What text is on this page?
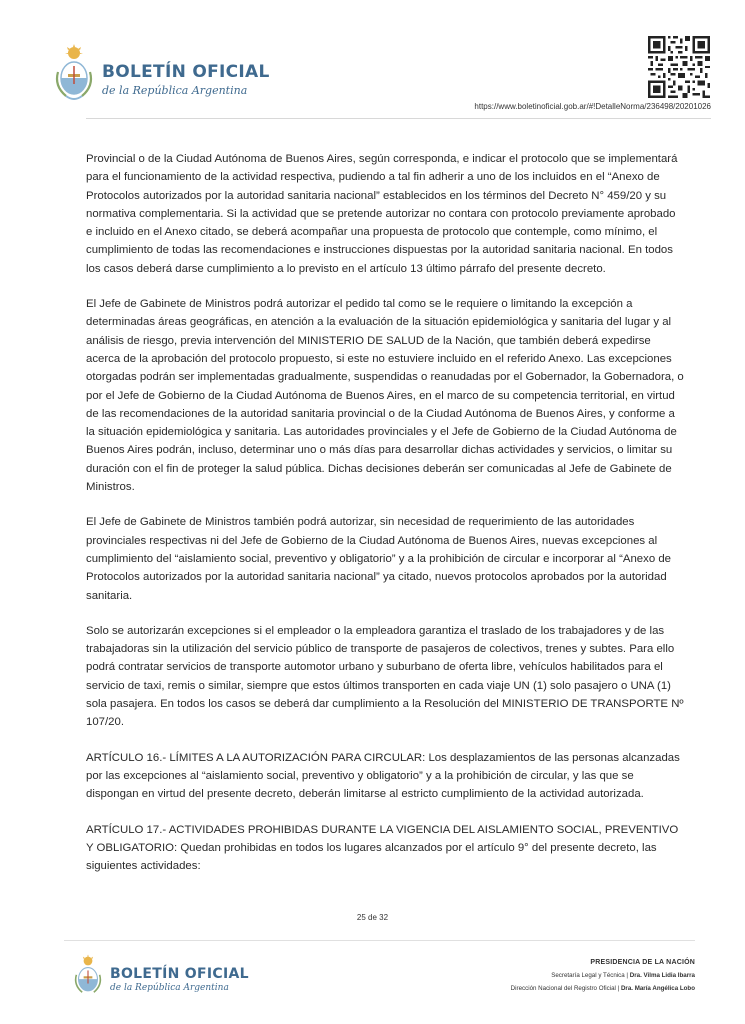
BOLETÍN OFICIAL
de la República Argentina
https://www.boletinoficial.gob.ar/#!DetalleNorma/236498/20201026

Provincial o de la Ciudad Autónoma de Buenos Aires, según corresponda, e indicar el protocolo que se implementará para el funcionamiento de la actividad respectiva, pudiendo a tal fin adherir a uno de los incluidos en el “Anexo de Protocolos autorizados por la autoridad sanitaria nacional” establecidos en los términos del Decreto N° 459/20 y su normativa complementaria. Si la actividad que se pretende autorizar no contara con protocolo previamente aprobado e incluido en el Anexo citado, se deberá acompañar una propuesta de protocolo que contemple, como mínimo, el cumplimiento de todas las recomendaciones e instrucciones dispuestas por la autoridad sanitaria nacional. En todos los casos deberá darse cumplimiento a lo previsto en el artículo 13 último párrafo del presente decreto.

El Jefe de Gabinete de Ministros podrá autorizar el pedido tal como se le requiere o limitando la excepción a determinadas áreas geográficas, en atención a la evaluación de la situación epidemiológica y sanitaria del lugar y al análisis de riesgo, previa intervención del MINISTERIO DE SALUD de la Nación, que también deberá expedirse acerca de la aprobación del protocolo propuesto, si este no estuviere incluido en el referido Anexo. Las excepciones otorgadas podrán ser implementadas gradualmente, suspendidas o reanudadas por el Gobernador, la Gobernadora, o por el Jefe de Gobierno de la Ciudad Autónoma de Buenos Aires, en el marco de su competencia territorial, en virtud de las recomendaciones de la autoridad sanitaria provincial o de la Ciudad Autónoma de Buenos Aires, y conforme a la situación epidemiológica y sanitaria. Las autoridades provinciales y el Jefe de Gobierno de la Ciudad Autónoma de Buenos Aires podrán, incluso, determinar uno o más días para desarrollar dichas actividades y servicios, o limitar su duración con el fin de proteger la salud pública. Dichas decisiones deberán ser comunicadas al Jefe de Gabinete de Ministros.

El Jefe de Gabinete de Ministros también podrá autorizar, sin necesidad de requerimiento de las autoridades provinciales respectivas ni del Jefe de Gobierno de la Ciudad Autónoma de Buenos Aires, nuevas excepciones al cumplimiento del “aislamiento social, preventivo y obligatorio” y a la prohibición de circular e incorporar al “Anexo de Protocolos autorizados por la autoridad sanitaria nacional” ya citado, nuevos protocolos aprobados por la autoridad sanitaria.

Solo se autorizarán excepciones si el empleador o la empleadora garantiza el traslado de los trabajadores y de las trabajadoras sin la utilización del servicio público de transporte de pasajeros de colectivos, trenes y subtes. Para ello podrá contratar servicios de transporte automotor urbano y suburbano de oferta libre, vehículos habilitados para el servicio de taxi, remis o similar, siempre que estos últimos transporten en cada viaje UN (1) solo pasajero o UNA (1) sola pasajera. En todos los casos se deberá dar cumplimiento a la Resolución del MINISTERIO DE TRANSPORTE Nº 107/20.

ARTÍCULO 16.- LÍMITES A LA AUTORIZACIÓN PARA CIRCULAR: Los desplazamientos de las personas alcanzadas por las excepciones al “aislamiento social, preventivo y obligatorio” y a la prohibición de circular, y las que se dispongan en virtud del presente decreto, deberán limitarse al estricto cumplimiento de la actividad autorizada.

ARTÍCULO 17.- ACTIVIDADES PROHIBIDAS DURANTE LA VIGENCIA DEL AISLAMIENTO SOCIAL, PREVENTIVO Y OBLIGATORIO: Quedan prohibidas en todos los lugares alcanzados por el artículo 9° del presente decreto, las siguientes actividades:

25 de 32
BOLETÍN OFICIAL
de la República Argentina
PRESIDENCIA DE LA NACIÓN
Secretaría Legal y Técnica | Dra. Vilma Lidia Ibarra
Dirección Nacional del Registro Oficial | Dra. María Angélica Lobo
